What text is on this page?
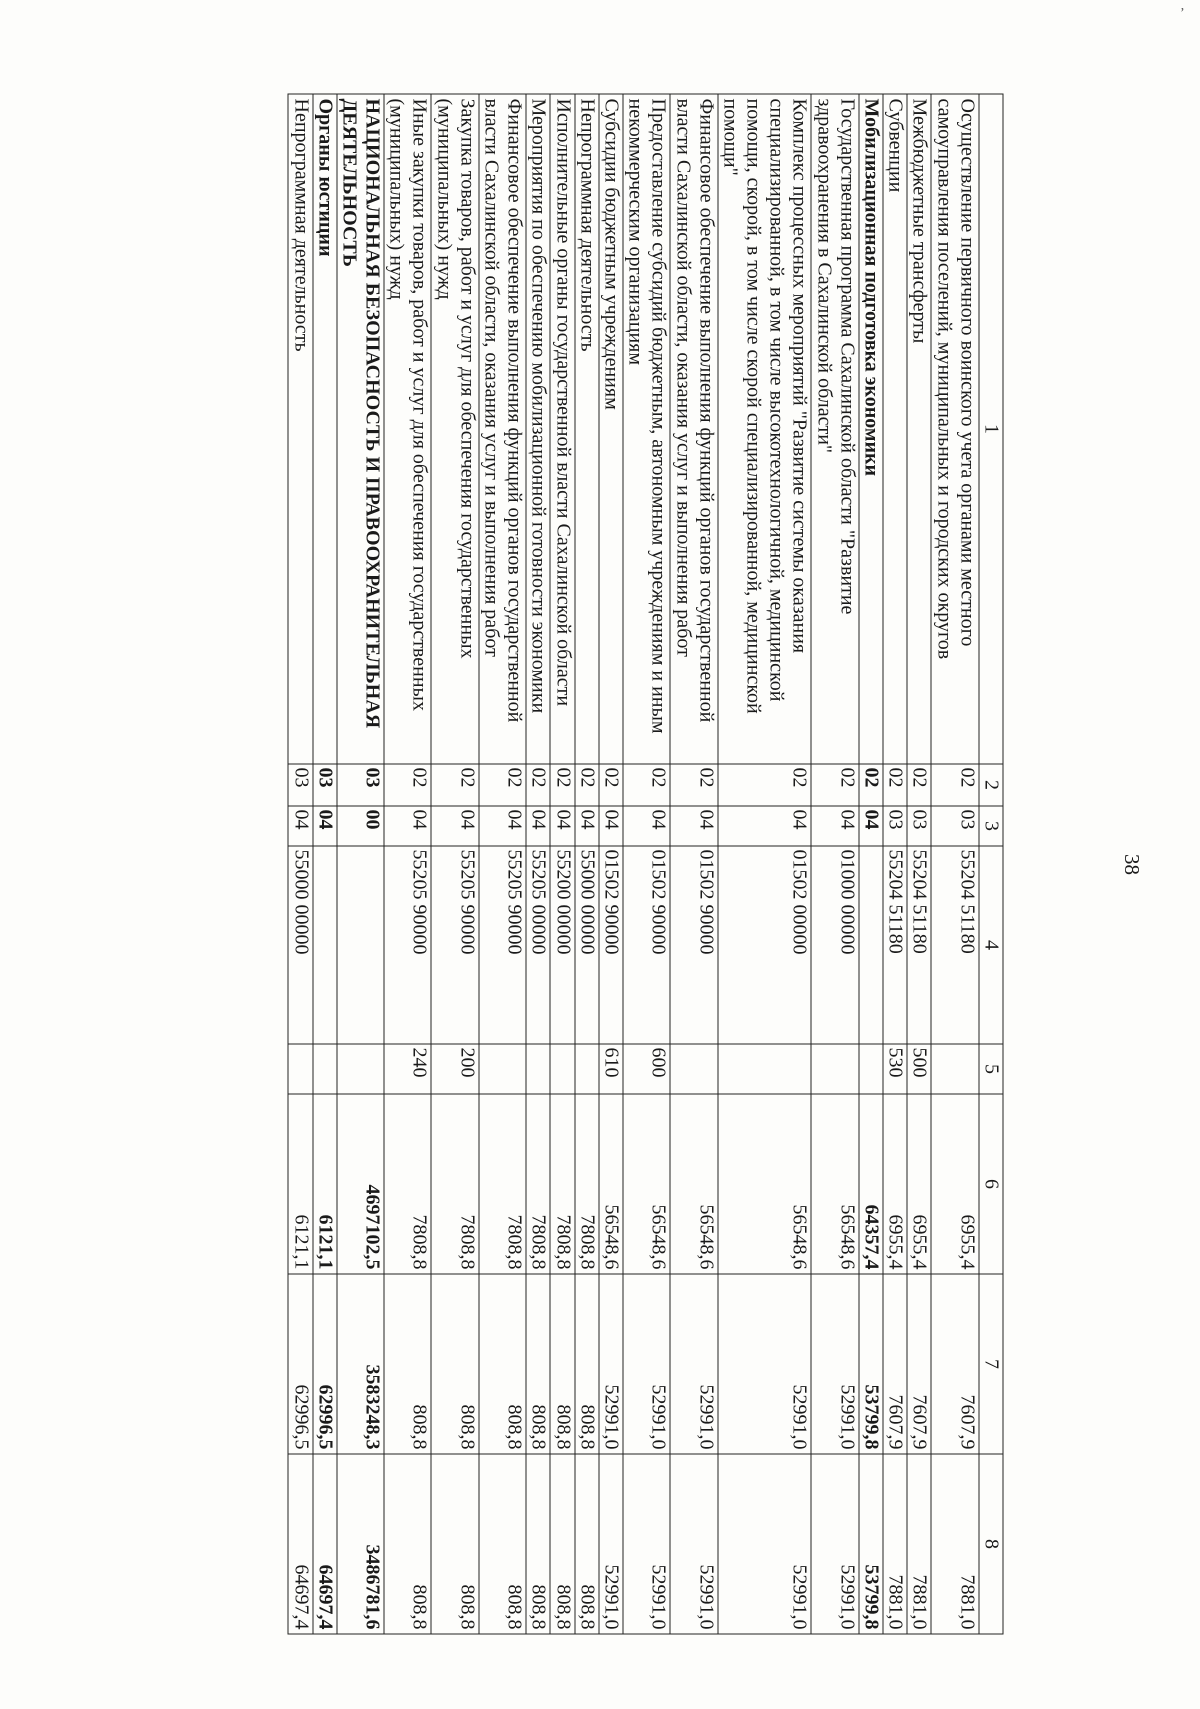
’
38
1	2	3	4	5	6	7	8
Осуществление первичного воинского учета органами местного самоуправления поселений, муниципальных и городских округов	02	03	55204 51180		6955,4	7607,9	7881,0
Межбюджетные трансферты	02	03	55204 51180	500	6955,4	7607,9	7881,0
Субвенции	02	03	55204 51180	530	6955,4	7607,9	7881,0
Мобилизационная подготовка экономики	02	04			64357,4	53799,8	53799,8
Государственная программа Сахалинской области "Развитие здравоохранения в Сахалинской области"	02	04	01000 00000		56548,6	52991,0	52991,0
Комплекс процессных мероприятий "Развитие системы оказания специализированной, в том числе высокотехнологичной, медицинской помощи, скорой, в том числе скорой специализированной, медицинской помощи"	02	04	01502 00000		56548,6	52991,0	52991,0
Финансовое обеспечение выполнения функций органов государственной власти Сахалинской области, оказания услуг и выполнения работ	02	04	01502 90000		56548,6	52991,0	52991,0
Предоставление субсидий бюджетным, автономным учреждениям и иным некоммерческим организациям	02	04	01502 90000	600	56548,6	52991,0	52991,0
Субсидии бюджетным учреждениям	02	04	01502 90000	610	56548,6	52991,0	52991,0
Непрограммная деятельность	02	04	55000 00000		7808,8	808,8	808,8
Исполнительные органы государственной власти Сахалинской области	02	04	55200 00000		7808,8	808,8	808,8
Мероприятия по обеспечению мобилизационной готовности экономики	02	04	55205 00000		7808,8	808,8	808,8
Финансовое обеспечение выполнения функций органов государственной власти Сахалинской области, оказания услуг и выполнения работ	02	04	55205 90000		7808,8	808,8	808,8
Закупка товаров, работ и услуг для обеспечения государственных (муниципальных) нужд	02	04	55205 90000	200	7808,8	808,8	808,8
Иные закупки товаров, работ и услуг для обеспечения государственных (муниципальных) нужд	02	04	55205 90000	240	7808,8	808,8	808,8
НАЦИОНАЛЬНАЯ БЕЗОПАСНОСТЬ И ПРАВООХРАНИТЕЛЬНАЯ ДЕЯТЕЛЬНОСТЬ	03	00			4697102,5	3583248,3	3486781,6
Органы юстиции	03	04			6121,1	62996,5	64697,4
Непрограммная деятельность	03	04	55000 00000		6121,1	62996,5	64697,4
